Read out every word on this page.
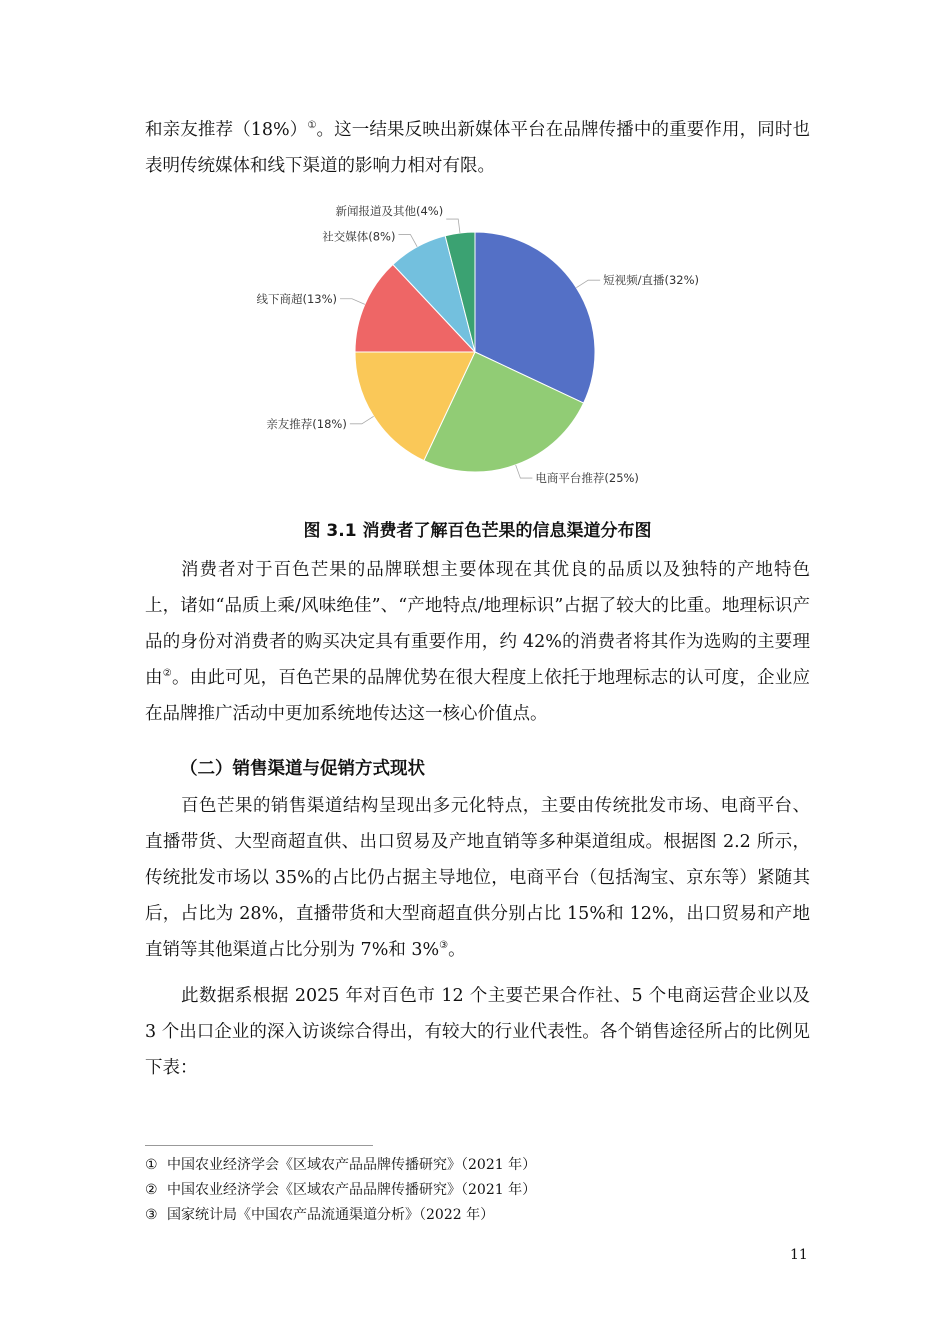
和亲友推荐（18%）①。这一结果反映出新媒体平台在品牌传播中的重要作用，同时也表明传统媒体和线下渠道的影响力相对有限。

短视频/直播(32%)
电商平台推荐(25%)
亲友推荐(18%)
线下商超(13%)
社交媒体(8%)
新闻报道及其他(4%)
图 3.1 消费者了解百色芒果的信息渠道分布图

消费者对于百色芒果的品牌联想主要体现在其优良的品质以及独特的产地特色上，诸如“品质上乘/风味绝佳”、“产地特点/地理标识”占据了较大的比重。地理标识产品的身份对消费者的购买决定具有重要作用，约 42%的消费者将其作为选购的主要理由②。由此可见，百色芒果的品牌优势在很大程度上依托于地理标志的认可度，企业应在品牌推广活动中更加系统地传达这一核心价值点。

（二）销售渠道与促销方式现状

百色芒果的销售渠道结构呈现出多元化特点，主要由传统批发市场、电商平台、直播带货、大型商超直供、出口贸易及产地直销等多种渠道组成。根据图 2.2 所示，传统批发市场以 35%的占比仍占据主导地位，电商平台（包括淘宝、京东等）紧随其后，占比为 28%，直播带货和大型商超直供分别占比 15%和 12%，出口贸易和产地直销等其他渠道占比分别为 7%和 3%③。

此数据系根据 2025 年对百色市 12 个主要芒果合作社、5 个电商运营企业以及 3 个出口企业的深入访谈综合得出，有较大的行业代表性。各个销售途径所占的比例见下表：

① 中国农业经济学会《区域农产品品牌传播研究》（2021 年）
② 中国农业经济学会《区域农产品品牌传播研究》（2021 年）
③ 国家统计局《中国农产品流通渠道分析》（2022 年）
11
